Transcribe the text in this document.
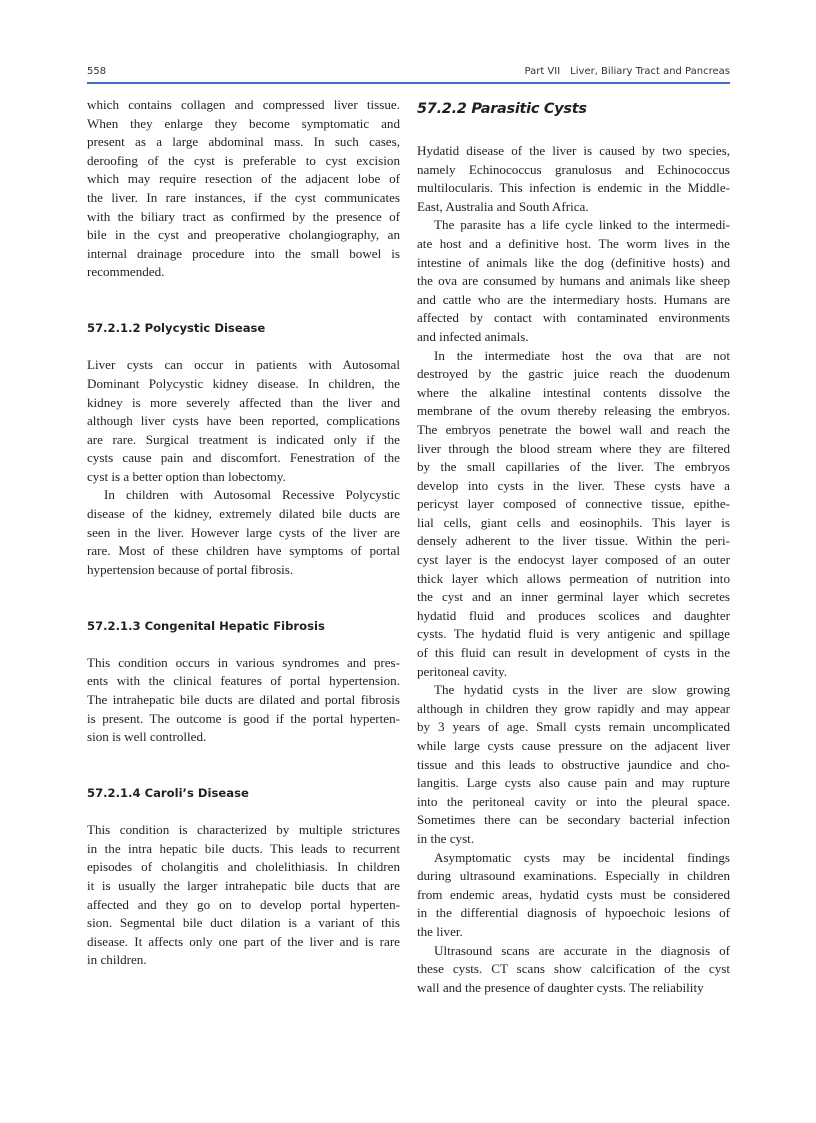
558	Part VII Liver, Biliary Tract and Pancreas
which contains collagen and compressed liver tissue.
When they enlarge they become symptomatic and
present as a large abdominal mass. In such cases,
deroofing of the cyst is preferable to cyst excision
which may require resection of the adjacent lobe of
the liver. In rare instances, if the cyst communicates
with the biliary tract as confirmed by the presence of
bile in the cyst and preoperative cholangiography, an
internal drainage procedure into the small bowel is
recommended.
57.2.1.2 Polycystic Disease
Liver cysts can occur in patients with Autosomal
Dominant Polycystic kidney disease. In children, the
kidney is more severely affected than the liver and
although liver cysts have been reported, complications
are rare. Surgical treatment is indicated only if the
cysts cause pain and discomfort. Fenestration of the
cyst is a better option than lobectomy.
In children with Autosomal Recessive Polycystic
disease of the kidney, extremely dilated bile ducts are
seen in the liver. However large cysts of the liver are
rare. Most of these children have symptoms of portal
hypertension because of portal fibrosis.
57.2.1.3 Congenital Hepatic Fibrosis
This condition occurs in various syndromes and pres-
ents with the clinical features of portal hypertension.
The intrahepatic bile ducts are dilated and portal fibrosis
is present. The outcome is good if the portal hyperten-
sion is well controlled.
57.2.1.4 Caroli’s Disease
This condition is characterized by multiple strictures
in the intra hepatic bile ducts. This leads to recurrent
episodes of cholangitis and cholelithiasis. In children
it is usually the larger intrahepatic bile ducts that are
affected and they go on to develop portal hyperten-
sion. Segmental bile duct dilation is a variant of this
disease. It affects only one part of the liver and is rare
in children.
57.2.2 Parasitic Cysts
Hydatid disease of the liver is caused by two species,
namely Echinococcus granulosus and Echinococcus
multilocularis. This infection is endemic in the Middle-
East, Australia and South Africa.
The parasite has a life cycle linked to the intermedi-
ate host and a definitive host. The worm lives in the
intestine of animals like the dog (definitive hosts) and
the ova are consumed by humans and animals like sheep
and cattle who are the intermediary hosts. Humans are
affected by contact with contaminated environments
and infected animals.
In the intermediate host the ova that are not
destroyed by the gastric juice reach the duodenum
where the alkaline intestinal contents dissolve the
membrane of the ovum thereby releasing the embryos.
The embryos penetrate the bowel wall and reach the
liver through the blood stream where they are filtered
by the small capillaries of the liver. The embryos
develop into cysts in the liver. These cysts have a
pericyst layer composed of connective tissue, epithe-
lial cells, giant cells and eosinophils. This layer is
densely adherent to the liver tissue. Within the peri-
cyst layer is the endocyst layer composed of an outer
thick layer which allows permeation of nutrition into
the cyst and an inner germinal layer which secretes
hydatid fluid and produces scolices and daughter
cysts. The hydatid fluid is very antigenic and spillage
of this fluid can result in development of cysts in the
peritoneal cavity.
The hydatid cysts in the liver are slow growing
although in children they grow rapidly and may appear
by 3 years of age. Small cysts remain uncomplicated
while large cysts cause pressure on the adjacent liver
tissue and this leads to obstructive jaundice and cho-
langitis. Large cysts also cause pain and may rupture
into the peritoneal cavity or into the pleural space.
Sometimes there can be secondary bacterial infection
in the cyst.
Asymptomatic cysts may be incidental findings
during ultrasound examinations. Especially in children
from endemic areas, hydatid cysts must be considered
in the differential diagnosis of hypoechoic lesions of
the liver.
Ultrasound scans are accurate in the diagnosis of
these cysts. CT scans show calcification of the cyst
wall and the presence of daughter cysts. The reliability
